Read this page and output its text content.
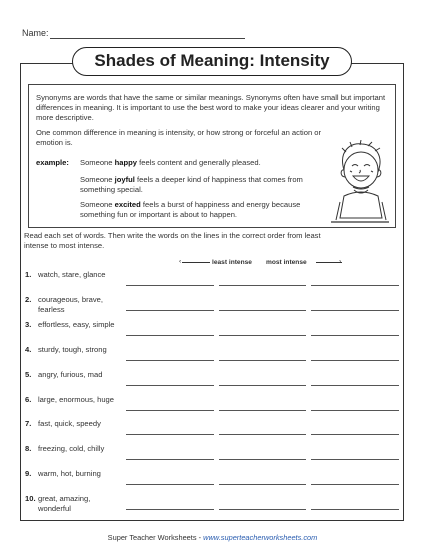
Name:
Shades of Meaning: Intensity
Synonyms are words that have the same or similar meanings. Synonyms often have small but important differences in meaning. It is important to use the best word to make your ideas clearer and your writing more descriptive.
One common difference in meaning is intensity, or how strong or forceful an action or emotion is.
example: Someone happy feels content and generally pleased.
Someone joyful feels a deeper kind of happiness that comes from something special.
Someone excited feels a burst of happiness and energy because something fun or important is about to happen.
Read each set of words. Then write the words on the lines in the correct order from least intense to most intense.
‹	least intense most intense	›
1. watch, stare, glance
2. courageous, brave, fearless
3. effortless, easy, simple
4. sturdy, tough, strong
5. angry, furious, mad
6. large, enormous, huge
7. fast, quick, speedy
8. freezing, cold, chilly
9. warm, hot, burning
10. great, amazing, wonderful
Super Teacher Worksheets - www.superteacherworksheets.com
